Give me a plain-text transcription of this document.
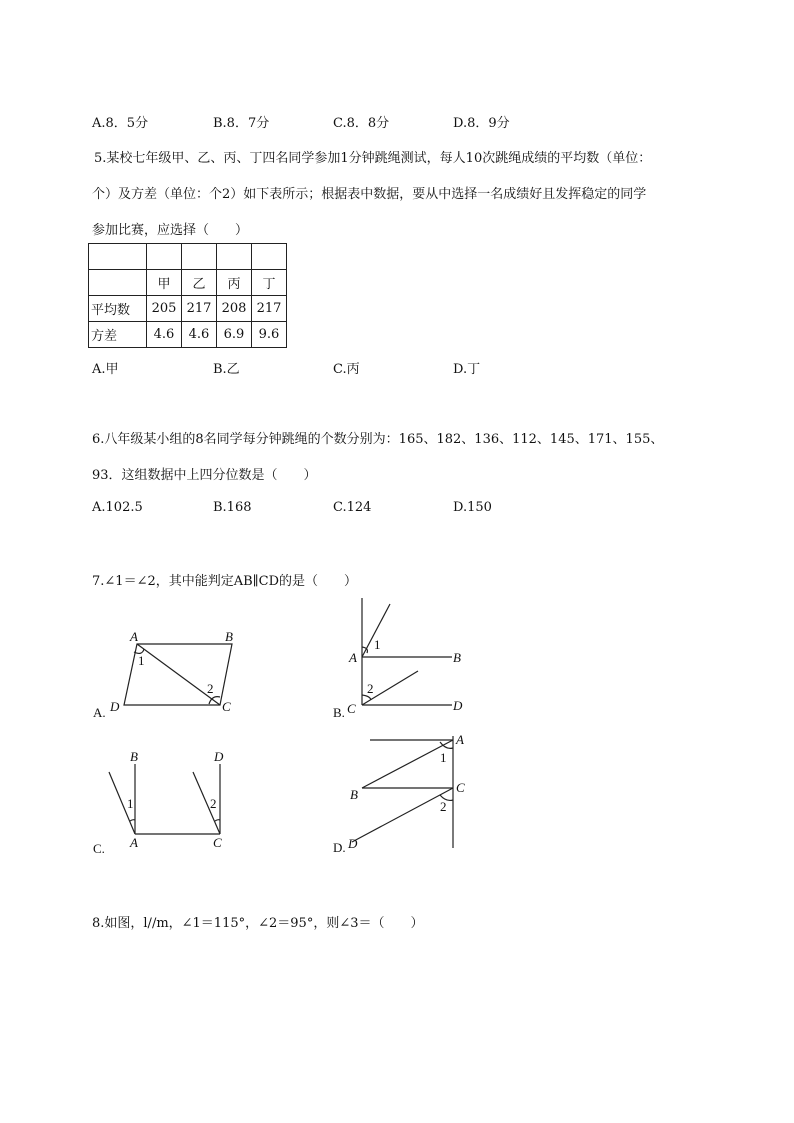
A.8．5分	B.8．7分	C.8．8分	D.8．9分
5.某校七年级甲、乙、丙、丁四名同学参加1分钟跳绳测试，每人10次跳绳成绩的平均数（单位：
个）及方差（单位：个2）如下表所示；根据表中数据，要从中选择一名成绩好且发挥稳定的同学
参加比赛，应选择（　　）

	甲	乙	丙	丁
平均数	205	217	208	217
方差	4.6	4.6	6.9	9.6
A.甲	B.乙	C.丙	D.丁
6.八年级某小组的8名同学每分钟跳绳的个数分别为：165、182、136、112、145、171、155、
93．这组数据中上四分位数是（　　）
A.102.5	B.168	C.124	D.150
7.∠1＝∠2，其中能判定AB∥CD的是（　　）
A.
A	B
C
D
1
2
A	B
C	D
1
2
B.
B	D
A	C
1	2
C.
A
B	C
D
1
2
D.
8.如图，l//m，∠1＝115°，∠2＝95°，则∠3＝（　　）
